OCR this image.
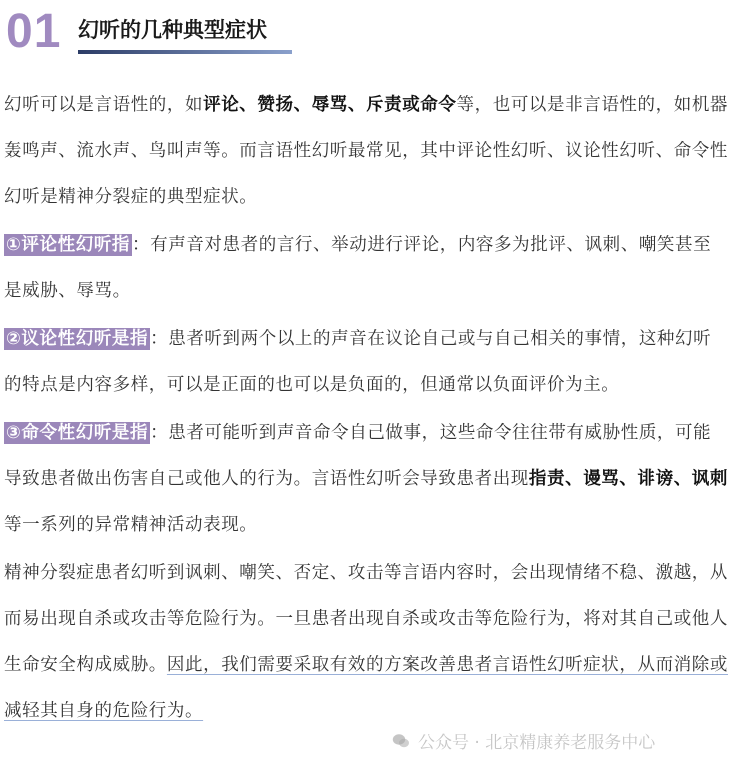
01 幻听的几种典型症状

幻听可以是言语性的，如评论、赞扬、辱骂、斥责或命令等，也可以是非言语性的，如机器轰鸣声、流水声、鸟叫声等。而言语性幻听最常见，其中评论性幻听、议论性幻听、命令性幻听是精神分裂症的典型症状。

①评论性幻听指 ：有声音对患者的言行、举动进行评论，内容多为批评、讽刺、嘲笑甚至是威胁、辱骂。

②议论性幻听是指 ：患者听到两个以上的声音在议论自己或与自己相关的事情，这种幻听的特点是内容多样，可以是正面的也可以是负面的，但通常以负面评价为主。

③命令性幻听是指 ：患者可能听到声音命令自己做事，这些命令往往带有威胁性质，可能导致患者做出伤害自己或他人的行为。言语性幻听会导致患者出现指责、谩骂、诽谤、讽刺等一系列的异常精神活动表现。

精神分裂症患者幻听到讽刺、嘲笑、否定、攻击等言语内容时，会出现情绪不稳、激越，从而易出现自杀或攻击等危险行为。一旦患者出现自杀或攻击等危险行为，将对其自己或他人生命安全构成威胁。因此，我们需要采取有效的方案改善患者言语性幻听症状，从而消除或减轻其自身的危险行为。

公众号 · 北京精康养老服务中心
